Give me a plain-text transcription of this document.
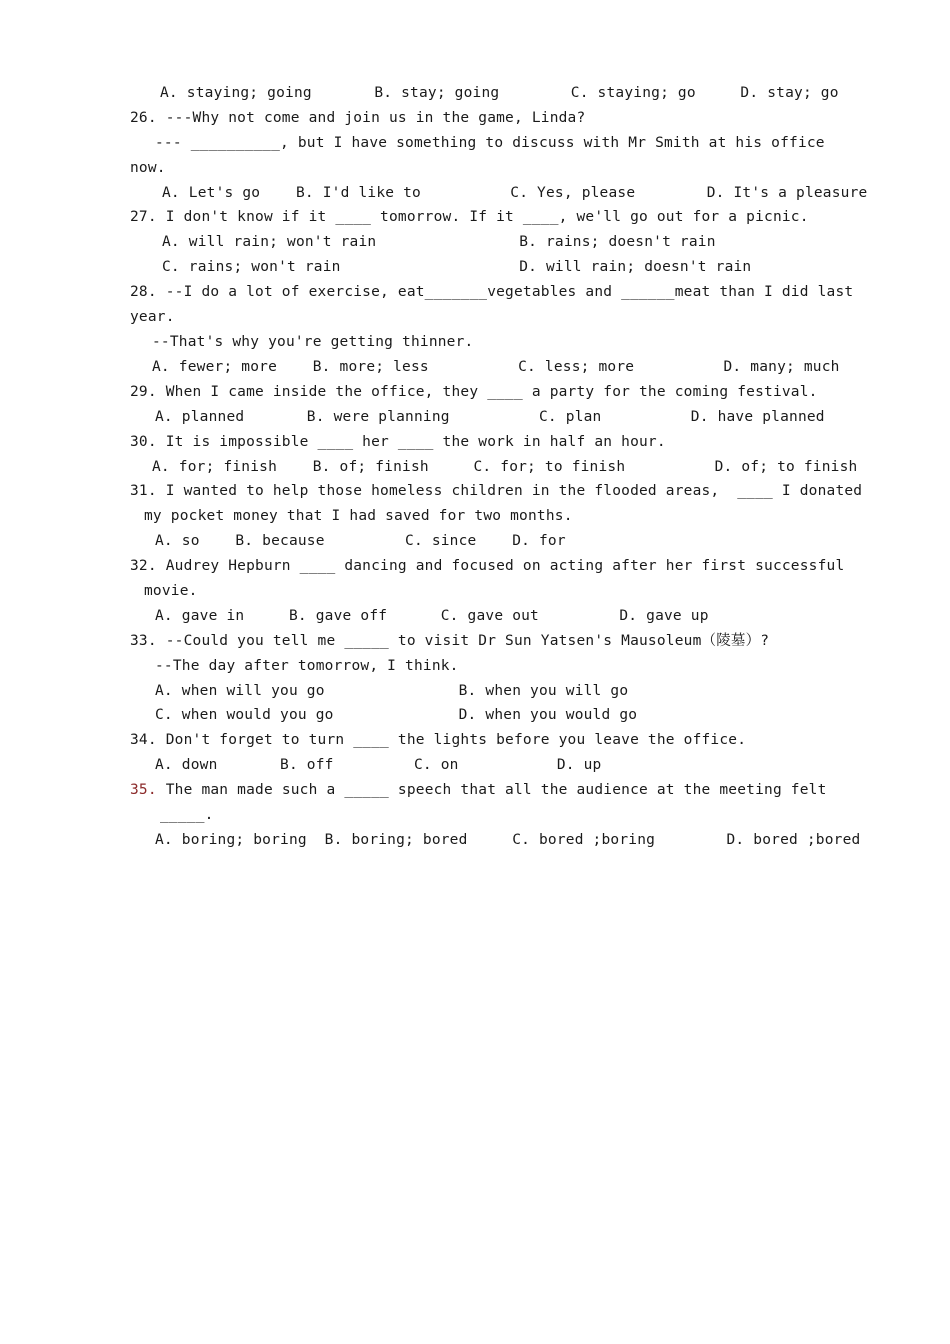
A. staying; going       B. stay; going        C. staying; go     D. stay; go
26. ---Why not come and join us in the game, Linda?
--- __________, but I have something to discuss with Mr Smith at his office
now.
A. Let's go    B. I'd like to          C. Yes, please        D. It's a pleasure
27. I don't know if it ____ tomorrow. If it ____, we'll go out for a picnic.
A. will rain; won't rain                B. rains; doesn't rain
C. rains; won't rain                    D. will rain; doesn't rain
28. --I do a lot of exercise, eat_______vegetables and ______meat than I did last
year.
--That's why you're getting thinner.
A. fewer; more    B. more; less          C. less; more          D. many; much
29. When I came inside the office, they ____ a party for the coming festival.
A. planned       B. were planning          C. plan          D. have planned
30. It is impossible ____ her ____ the work in half an hour.
A. for; finish    B. of; finish     C. for; to finish          D. of; to finish
31. I wanted to help those homeless children in the flooded areas,  ____ I donated
my pocket money that I had saved for two months.
A. so    B. because         C. since    D. for
32. Audrey Hepburn ____ dancing and focused on acting after her first successful
movie.
A. gave in     B. gave off      C. gave out         D. gave up
33. --Could you tell me _____ to visit Dr Sun Yatsen's Mausoleum（陵墓）?
--The day after tomorrow, I think.
A. when will you go               B. when you will go
C. when would you go              D. when you would go
34. Don't forget to turn ____ the lights before you leave the office.
A. down       B. off         C. on           D. up
35. The man made such a _____ speech that all the audience at the meeting felt
_____.
A. boring; boring  B. boring; bored     C. bored ;boring        D. bored ;bored
